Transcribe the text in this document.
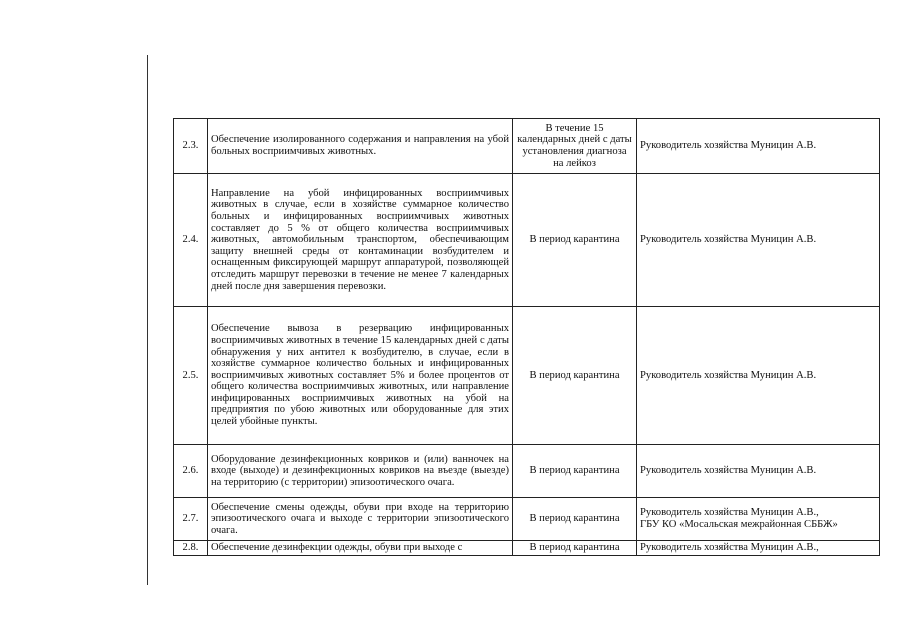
2.3.	Обеспечение изолированного содержания и направления на убой больных восприимчивых животных.	В течение 15 календарных дней с даты установления диагноза на лейкоз	Руководитель хозяйства Муницин А.В.

2.4.	Направление на убой инфицированных восприимчивых животных в случае, если в хозяйстве суммарное количество больных и инфицированных восприимчивых животных составляет до 5 % от общего количества восприимчивых животных, автомобильным транспортом, обеспечивающим защиту внешней среды от контаминации возбудителем и оснащенным фиксирующей маршрут аппаратурой, позволяющей отследить маршрут перевозки в течение не менее 7 календарных дней после дня завершения перевозки.	В период карантина	Руководитель хозяйства Муницин А.В.

2.5.	Обеспечение вывоза в резервацию инфицированных восприимчивых животных в течение 15 календарных дней с даты обнаружения у них антител к возбудителю, в случае, если в хозяйстве суммарное количество больных и инфицированных восприимчивых животных составляет 5% и более процентов от общего количества восприимчивых животных, или направление инфицированных восприимчивых животных на убой на предприятия по убою животных или оборудованные для этих целей убойные пункты.	В период карантина	Руководитель хозяйства Муницин А.В.

2.6.	Оборудование дезинфекционных ковриков и (или) ванночек на входе (выходе) и дезинфекционных ковриков на въезде (выезде) на территорию (с территории) эпизоотического очага.	В период карантина	Руководитель хозяйства Муницин А.В.

2.7.	Обеспечение смены одежды, обуви при входе на территорию эпизоотического очага и выходе с территории эпизоотического очага.	В период карантина	Руководитель хозяйства Муницин А.В.,
ГБУ КО «Мосальская межрайонная СББЖ»

2.8.	Обеспечение дезинфекции одежды, обуви при выходе с	В период карантина	Руководитель хозяйства Муницин А.В.,
